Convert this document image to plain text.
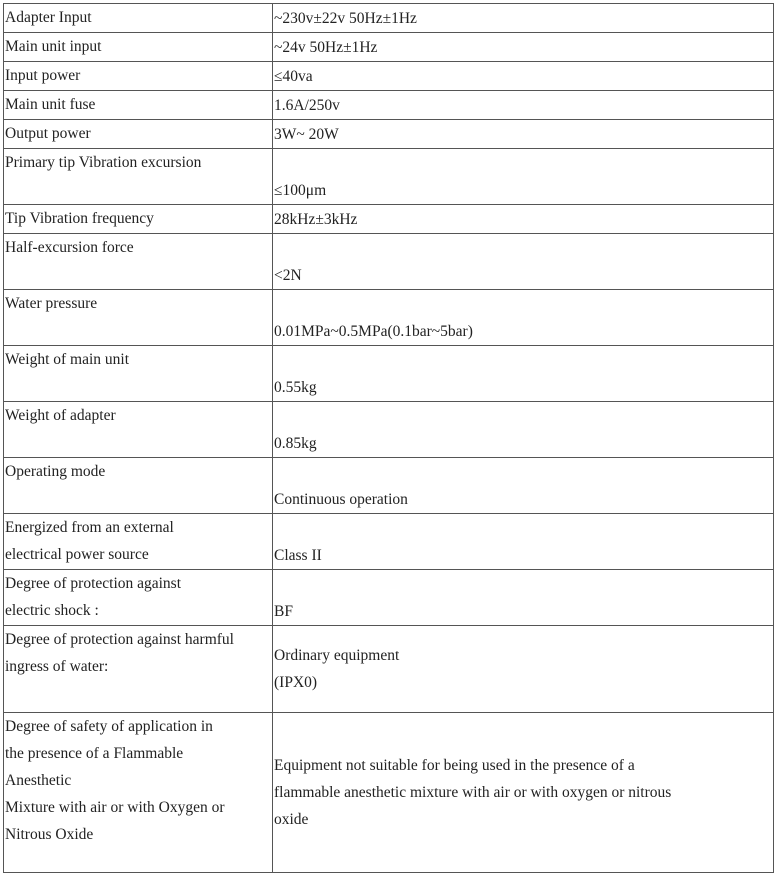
Adapter Input	~230v±22v 50Hz±1Hz

Main unit input	~24v 50Hz±1Hz

Input power	≤40va

Main unit fuse	1.6A/250v

Output power	3W~ 20W

Primary tip Vibration excursion	≤100μm

Tip Vibration frequency	28kHz±3kHz

Half-excursion force	<2N

Water pressure	0.01MPa~0.5MPa(0.1bar~5bar)

Weight of main unit	0.55kg

Weight of adapter	0.85kg

Operating mode	Continuous operation

Energized from an external
electrical power source	Class II

Degree of protection against
electric shock :	BF

Degree of protection against harmful
ingress of water:	Ordinary equipment
(IPX0)

Degree of safety of application in
the presence of a Flammable
Anesthetic
Mixture with air or with Oxygen or
Nitrous Oxide	Equipment not suitable for being used in the presence of a
flammable anesthetic mixture with air or with oxygen or nitrous
oxide
